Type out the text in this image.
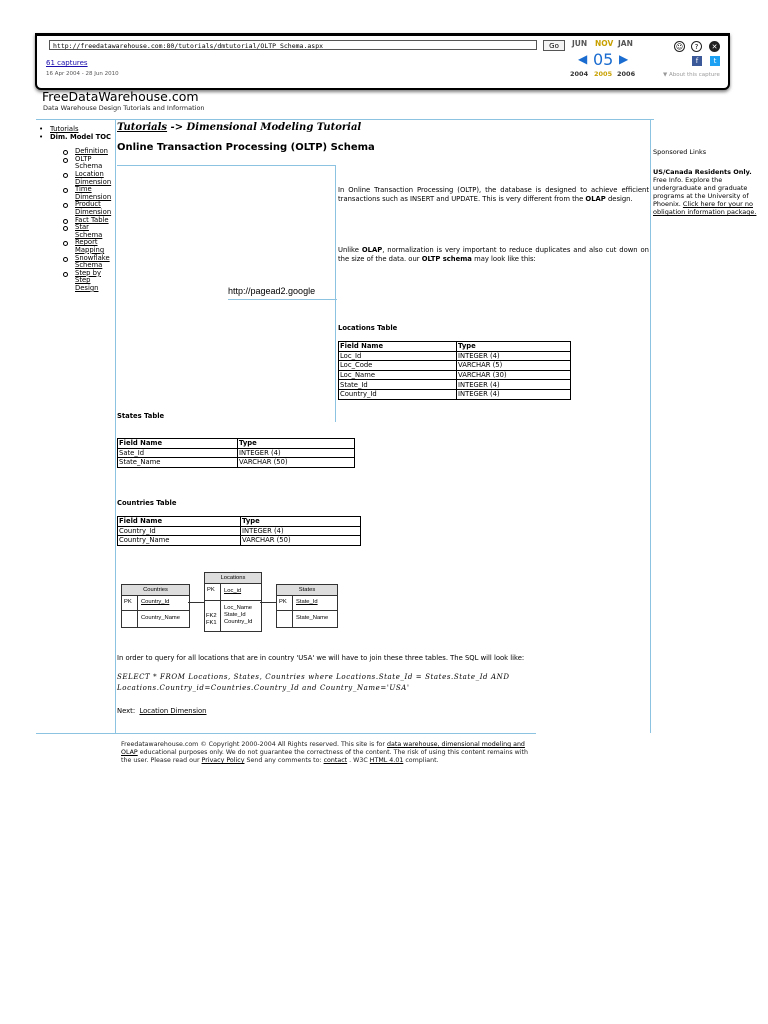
http://freedatawarehouse.com:80/tutorials/dmtutorial/OLTP Schema.aspx	Go
61 captures
16 Apr 2004 - 28 Jun 2010
JUN NOV JAN
◀ 05 ▶
2004 2005 2006
☺	?	✕
f	t
▼ About this capture
FreeDataWarehouse.com
Data Warehouse Design Tutorials and Information
• Tutorials
• Dim. Model TOC
Definition
OLTP Schema
Location Dimension
Time Dimension
Product Dimension
Fact Table
Star Schema
Report Mapping
Snowflake Schema
Step by Step Design
Tutorials -> Dimensional Modeling Tutorial
Online Transaction Processing (OLTP) Schema
http://pagead2.google
In Online Transaction Processing (OLTP), the database is designed to achieve efficient transactions such as INSERT and UPDATE. This is very different from the OLAP design.
Unlike OLAP, normalization is very important to reduce duplicates and also cut down on the size of the data. our OLTP schema may look like this:
Locations Table
Field Name	Type
Loc_Id	INTEGER (4)
Loc_Code	VARCHAR (5)
Loc_Name	VARCHAR (30)
State_Id	INTEGER (4)
Country_Id	INTEGER (4)
States Table
Field Name	Type
Sate_Id	INTEGER (4)
State_Name	VARCHAR (50)
Countries Table
Field Name	Type
Country_Id	INTEGER (4)
Country_Name	VARCHAR (50)
Countries
PK Country_Id
Country_Name
Locations
PK Loc_id
FK2
FK1
Loc_Name
State_Id
Country_Id
States
PK State_Id
State_Name
In order to query for all locations that are in country 'USA' we will have to join these three tables. The SQL will look like:
SELECT * FROM Locations, States, Countries where Locations.State_Id = States.State_Id AND Locations.Country_id=Countries.Country_Id and Country_Name='USA'
Next: Location Dimension
Sponsored Links
US/Canada Residents Only. Free Info. Explore the undergraduate and graduate programs at the University of Phoenix. Click here for your no obligation information package.
Freedatawarehouse.com © Copyright 2000-2004 All Rights reserved. This site is for data warehouse, dimensional modeling and OLAP educational purposes only. We do not guarantee the correctness of the content. The risk of using this content remains with the user. Please read our Privacy Policy Send any comments to: contact . W3C HTML 4.01 compliant.
